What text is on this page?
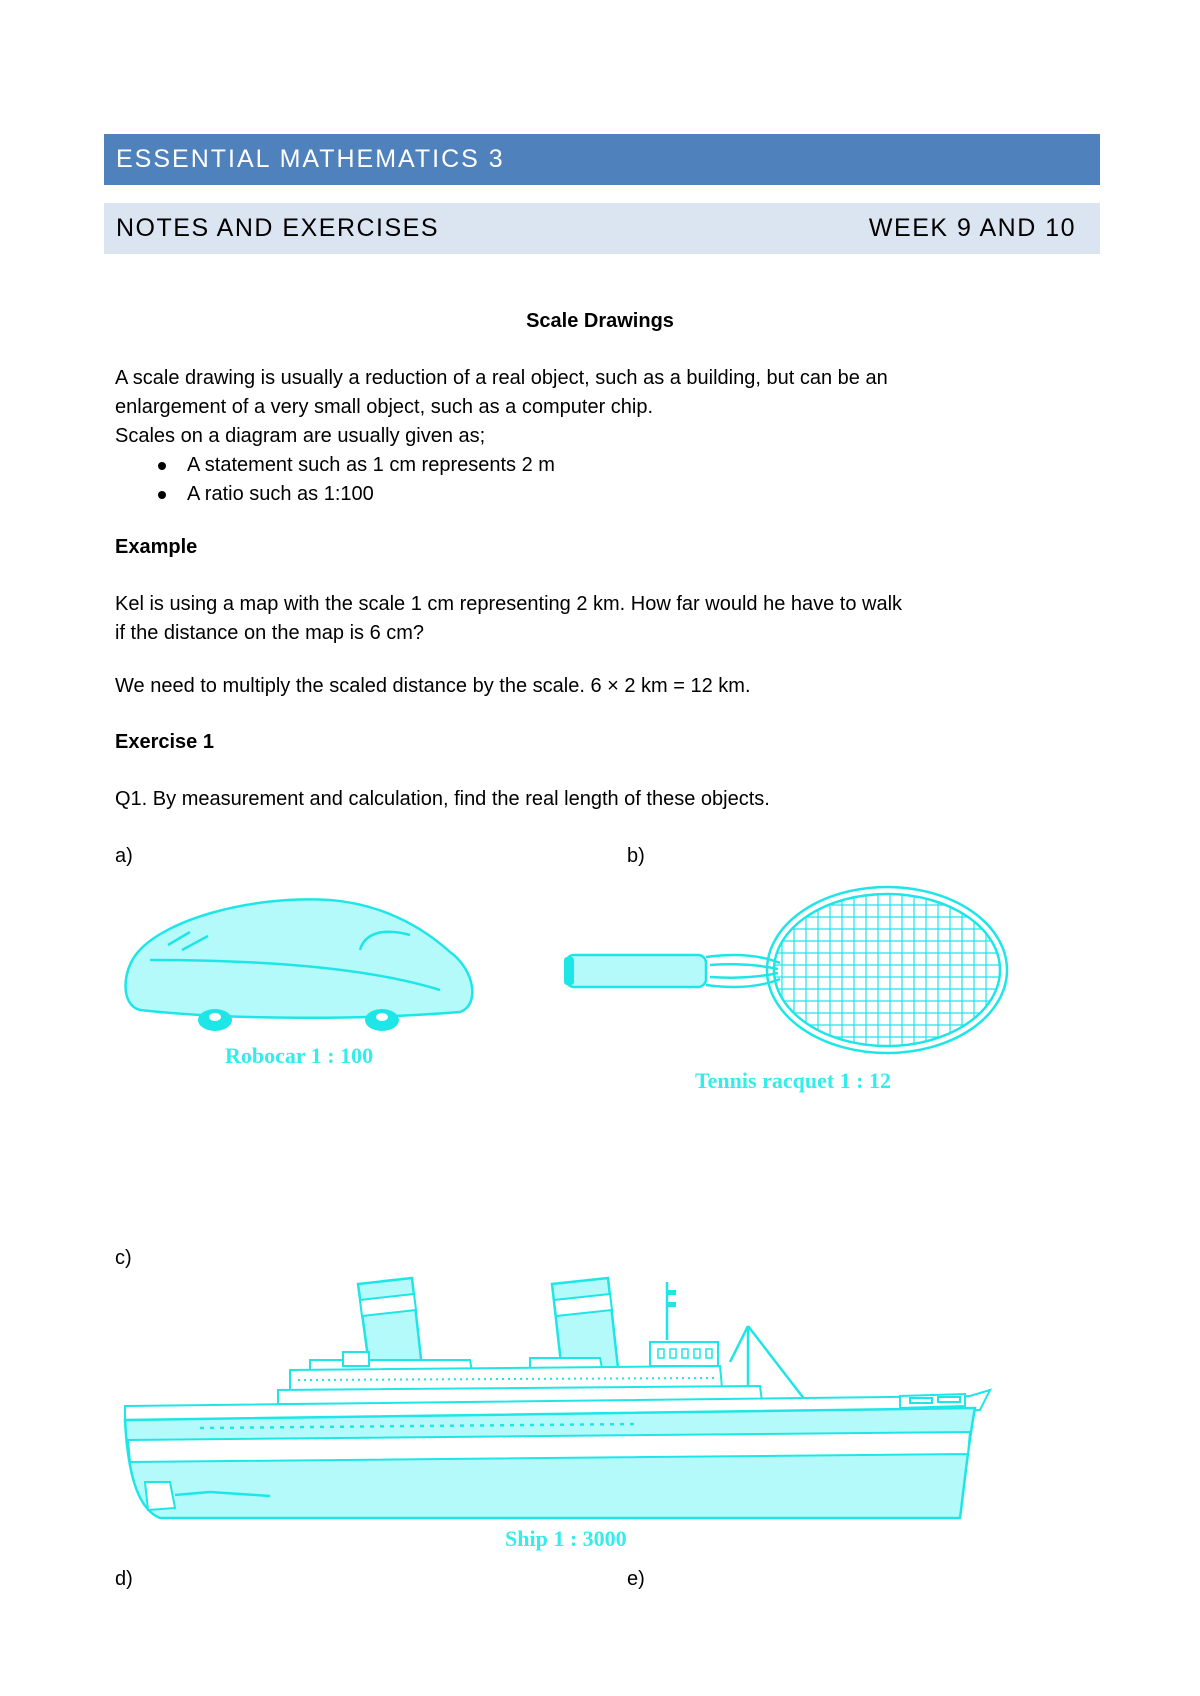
ESSENTIAL MATHEMATICS 3
NOTES AND EXERCISES	WEEK 9 AND 10
Scale Drawings
A scale drawing is usually a reduction of a real object, such as a building, but can be an
enlargement of a very small object, such as a computer chip.
Scales on a diagram are usually given as;
A statement such as 1 cm represents 2 m
A ratio such as 1:100
Example
Kel is using a map with the scale 1 cm representing 2 km. How far would he have to walk
if the distance on the map is 6 cm?
We need to multiply the scaled distance by the scale. 6 × 2 km = 12 km.
Exercise 1
Q1. By measurement and calculation, find the real length of these objects.
a)	b)
Robocar 1 : 100
Tennis racquet 1 : 12
c)
Ship 1 : 3000
d)	e)
